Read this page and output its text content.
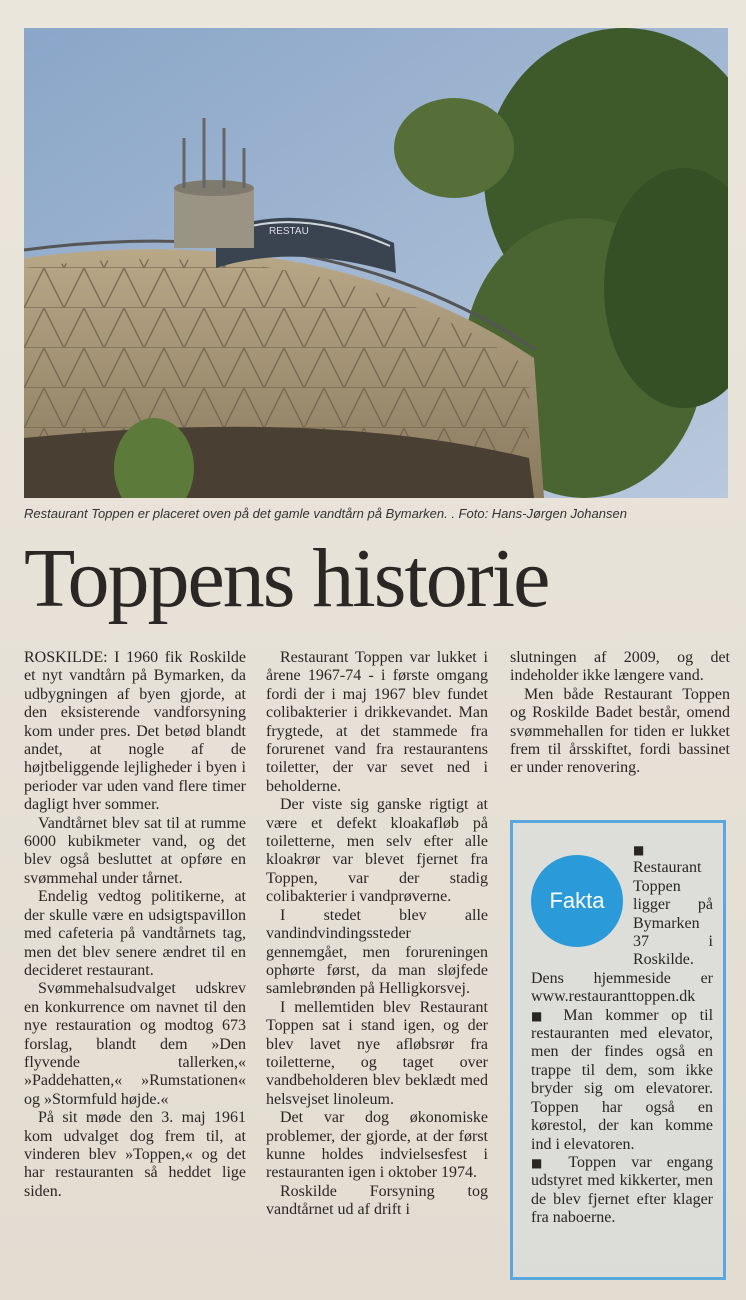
RESTAU
Restaurant Toppen er placeret oven på det gamle vandtårn på Bymarken. . Foto: Hans-Jørgen Johansen
Toppens historie

ROSKILDE: I 1960 fik Roskilde et nyt vandtårn på Bymarken, da udbygningen af byen gjorde, at den eksisterende vandforsyning kom under pres. Det betød blandt andet, at nogle af de højtbeliggende lejligheder i byen i perioder var uden vand flere timer dagligt hver sommer.

Vandtårnet blev sat til at rumme 6000 kubikmeter vand, og det blev også besluttet at opføre en svømmehal under tårnet.

Endelig vedtog politikerne, at der skulle være en udsigtspavillon med cafeteria på vandtårnets tag, men det blev senere ændret til en decideret restaurant.

Svømmehalsudvalget udskrev en konkurrence om navnet til den nye restauration og modtog 673 forslag, blandt dem »Den flyvende tallerken,« »Paddehatten,« »Rumstationen« og »Stormfuld højde.«

På sit møde den 3. maj 1961 kom udvalget dog frem til, at vinderen blev »Toppen,« og det har restauranten så heddet lige siden.

Restaurant Toppen var lukket i årene 1967-74 - i første omgang fordi der i maj 1967 blev fundet colibakterier i drikkevandet. Man frygtede, at det stammede fra forurenet vand fra restaurantens toiletter, der var sevet ned i beholderne.

Der viste sig ganske rigtigt at være et defekt kloakafløb på toiletterne, men selv efter alle kloakrør var blevet fjernet fra Toppen, var der stadig colibakterier i vandprøverne.

I stedet blev alle vandindvindingssteder gennemgået, men forureningen ophørte først, da man sløjfede samlebrønden på Helligkorsvej.

I mellemtiden blev Restaurant Toppen sat i stand igen, og der blev lavet nye afløbsrør fra toiletterne, og taget over vandbeholderen blev beklædt med helsvejset linoleum.

Det var dog økonomiske problemer, der gjorde, at der først kunne holdes indvielsesfest i restauranten igen i oktober 1974.

Roskilde Forsyning tog vandtårnet ud af drift i

slutningen af 2009, og det indeholder ikke længere vand.

Men både Restaurant Toppen og Roskilde Badet består, omend svømmehallen for tiden er lukket frem til årsskiftet, fordi bassinet er under renovering.

Fakta

■ Restaurant Toppen ligger på Bymarken 37 i Roskilde. Dens hjemmeside er www.restauranttoppen.dk

■ Man kommer op til restauranten med elevator, men der findes også en trappe til dem, som ikke bryder sig om elevatorer. Toppen har også en kørestol, der kan komme ind i elevatoren.

■ Toppen var engang udstyret med kikkerter, men de blev fjernet efter klager fra naboerne.
